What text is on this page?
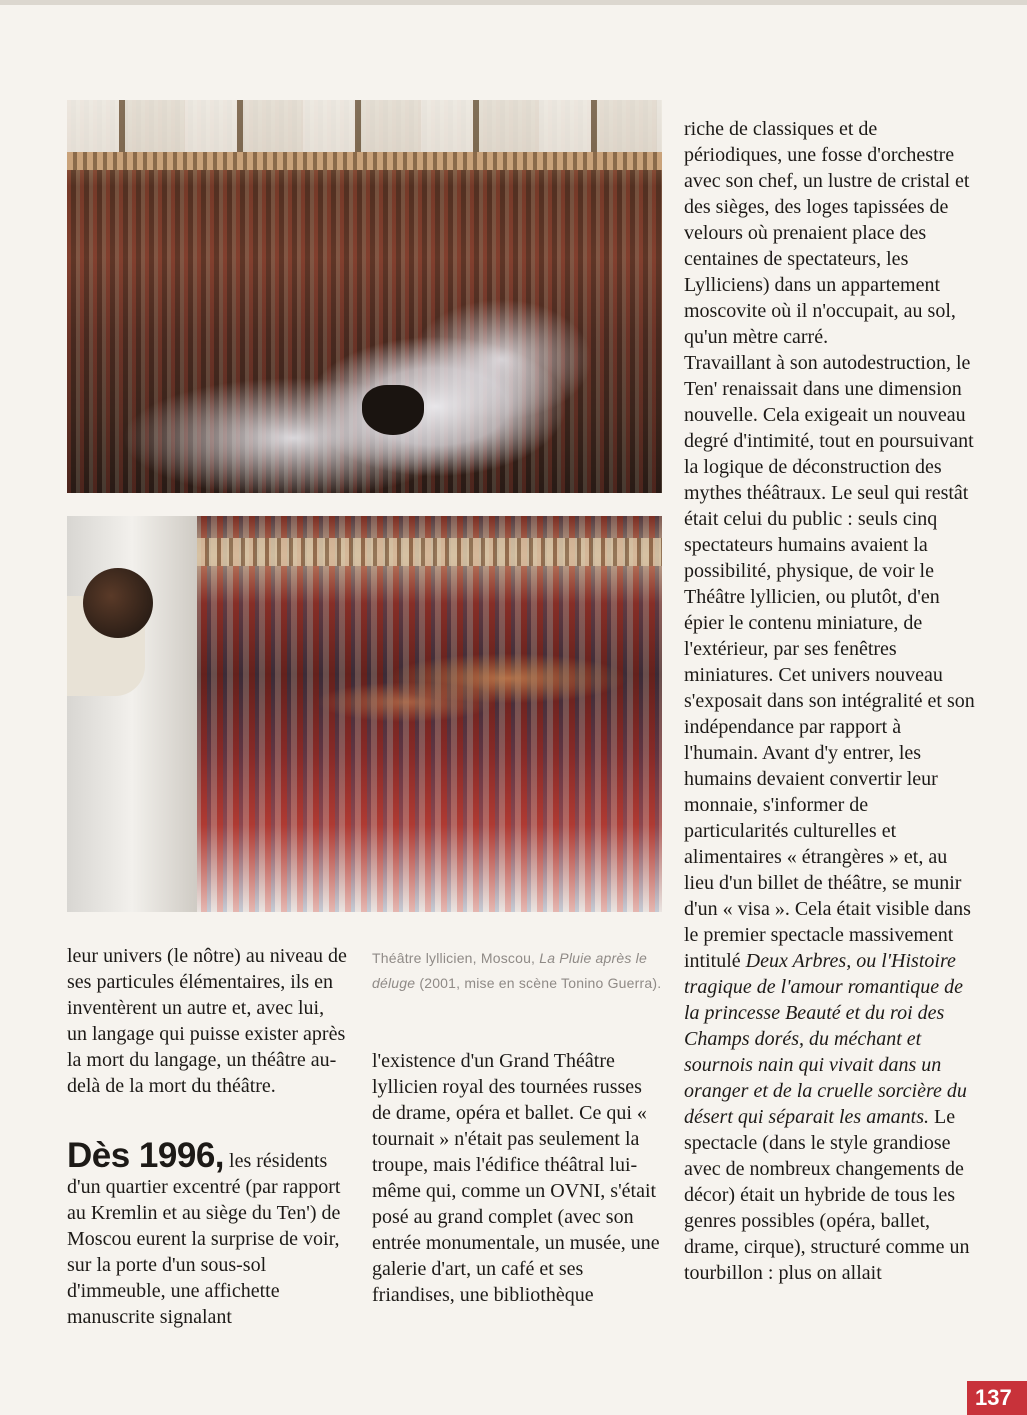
leur univers (le nôtre) au niveau de ses particules élémentaires, ils en inventèrent un autre et, avec lui, un langage qui puisse exister après la mort du langage, un théâtre au-delà de la mort du théâtre.

Dès 1996, les résidents d'un quartier excentré (par rapport au Kremlin et au siège du Ten') de Moscou eurent la surprise de voir, sur la porte d'un sous-sol d'immeuble, une affichette manuscrite signalant
Théâtre lyllicien, Moscou, La Pluie après le déluge (2001, mise en scène Tonino Guerra).

l'existence d'un Grand Théâtre lyllicien royal des tournées russes de drame, opéra et ballet. Ce qui « tournait » n'était pas seulement la troupe, mais l'édifice théâtral lui-même qui, comme un OVNI, s'était posé au grand complet (avec son entrée monumentale, un musée, une galerie d'art, un café et ses friandises, une bibliothèque

riche de classiques et de périodiques, une fosse d'orchestre avec son chef, un lustre de cristal et des sièges, des loges tapissées de velours où prenaient place des centaines de spectateurs, les Lylliciens) dans un appartement moscovite où il n'occupait, au sol, qu'un mètre carré.

Travaillant à son autodestruction, le Ten' renaissait dans une dimension nouvelle. Cela exigeait un nouveau degré d'intimité, tout en poursuivant la logique de déconstruction des mythes théâtraux. Le seul qui restât était celui du public : seuls cinq spectateurs humains avaient la possibilité, physique, de voir le Théâtre lyllicien, ou plutôt, d'en épier le contenu miniature, de l'extérieur, par ses fenêtres miniatures. Cet univers nouveau s'exposait dans son intégralité et son indépendance par rapport à l'humain. Avant d'y entrer, les humains devaient convertir leur monnaie, s'informer de particularités culturelles et alimentaires « étrangères » et, au lieu d'un billet de théâtre, se munir d'un « visa ». Cela était visible dans le premier spectacle massivement intitulé Deux Arbres, ou l'Histoire tragique de l'amour romantique de la princesse Beauté et du roi des Champs dorés, du méchant et sournois nain qui vivait dans un oranger et de la cruelle sorcière du désert qui séparait les amants. Le spectacle (dans le style grandiose avec de nombreux changements de décor) était un hybride de tous les genres possibles (opéra, ballet, drame, cirque), structuré comme un tourbillon : plus on allait

137
